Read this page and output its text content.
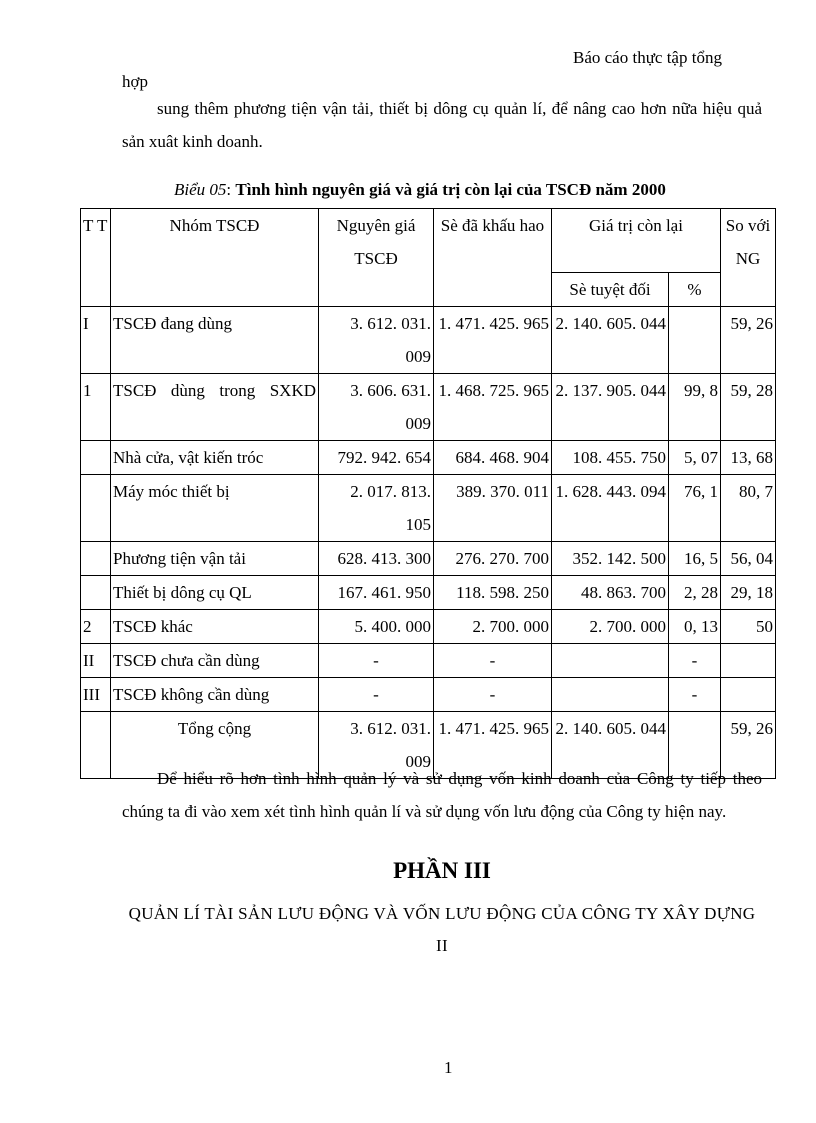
Báo cáo thực tập tổng
hợp

sung thêm phương tiện vận tải, thiết bị dông cụ quản lí, để nâng cao hơn nữa hiệu quả sản xuât kinh doanh.

Biểu 05: Tình hình nguyên giá và giá trị còn lại của TSCĐ năm 2000
T T	Nhóm TSCĐ	Nguyên giá TSCĐ	Sè đã khấu hao	Giá trị còn lại		So với NG
				Sè tuyệt đối	%	
I	TSCĐ đang dùng	3. 612. 031. 009	1. 471. 425. 965	2. 140. 605. 044		59, 26
1	TSCĐ dùng trong SXKD	3. 606. 631. 009	1. 468. 725. 965	2. 137. 905. 044	99, 8	59, 28
	Nhà cửa, vật kiến tróc	792. 942. 654	684. 468. 904	108. 455. 750	5, 07	13, 68
	Máy móc thiết bị	2. 017. 813. 105	389. 370. 011	1. 628. 443. 094	76, 1	80, 7
	Phương tiện vận tải	628. 413. 300	276. 270. 700	352. 142. 500	16, 5	56, 04
	Thiết bị dông cụ QL	167. 461. 950	118. 598. 250	48. 863. 700	2, 28	29, 18
2	TSCĐ khác	5. 400. 000	2. 700. 000	2. 700. 000	0, 13	50
II	TSCĐ chưa cần dùng	-	-		-	
III	TSCĐ không cần dùng	-	-		-	
	Tổng cộng	3. 612. 031. 009	1. 471. 425. 965	2. 140. 605. 044		59, 26

Để hiểu rõ hơn tình hình quản lý và sử dụng vốn kinh doanh của Công ty tiếp theo chúng ta đi vào xem xét tình hình quản lí và sử dụng vốn lưu động của Công ty hiện nay.

PHẦN III
QUẢN LÍ TÀI SẢN LƯU ĐỘNG VÀ VỐN LƯU ĐỘNG CỦA CÔNG TY XÂY DỰNG II
1
